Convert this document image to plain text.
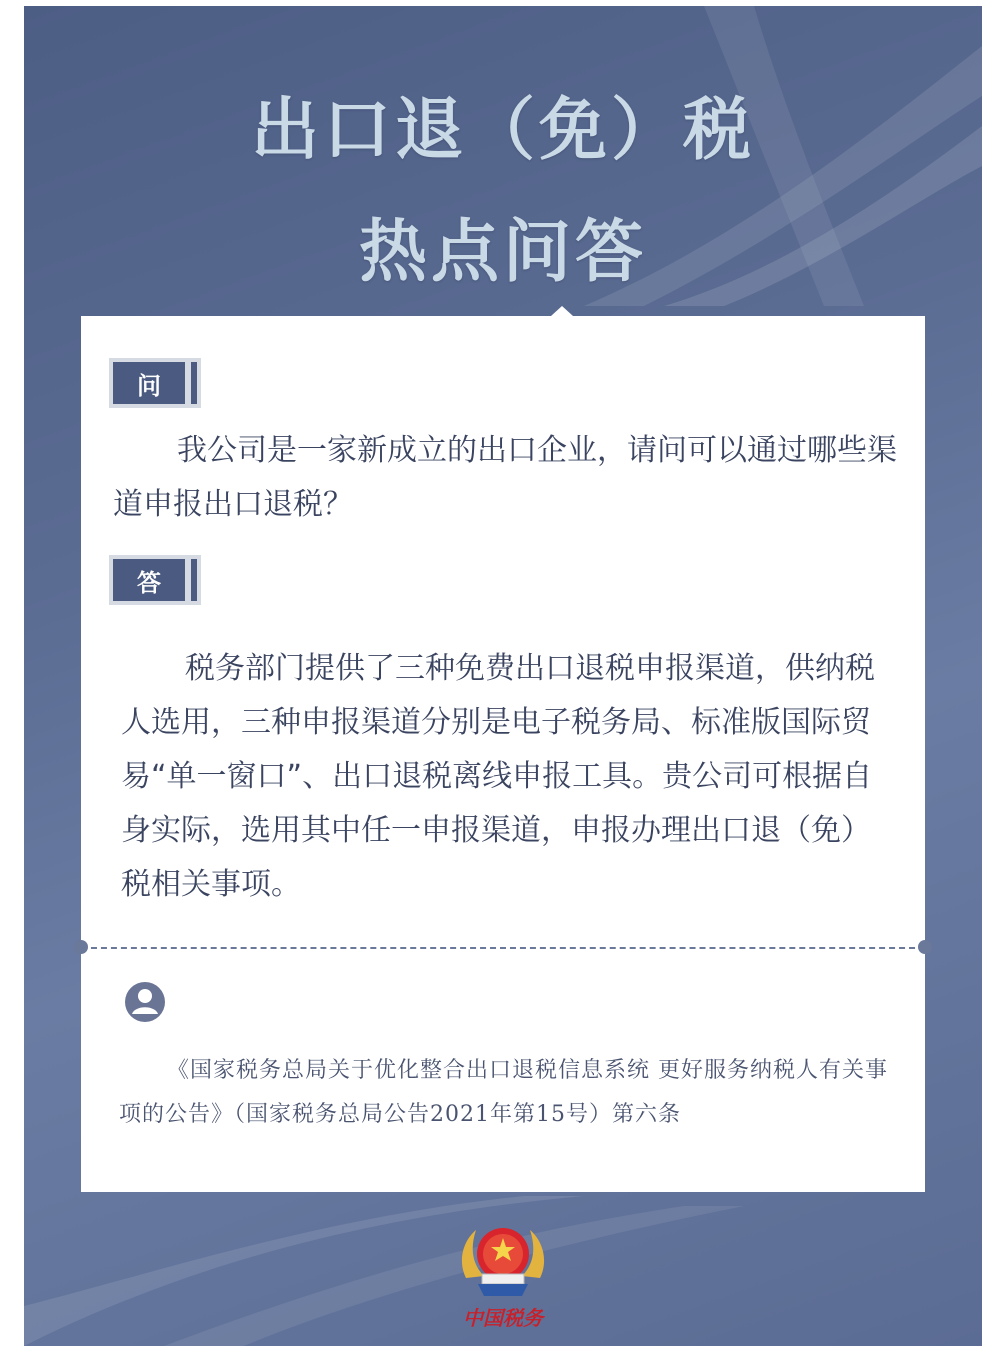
出口退（免）税
热点问答
问

我公司是一家新成立的出口企业，请问可以通过哪些渠道申报出口退税？

答

税务部门提供了三种免费出口退税申报渠道，供纳税人选用，三种申报渠道分别是电子税务局、标准版国际贸易“单一窗口”、出口退税离线申报工具。贵公司可根据自身实际，选用其中任一申报渠道，申报办理出口退（免）税相关事项。

《国家税务总局关于优化整合出口退税信息系统 更好服务纳税人有关事项的公告》（国家税务总局公告2021年第15号）第六条

中国税务
